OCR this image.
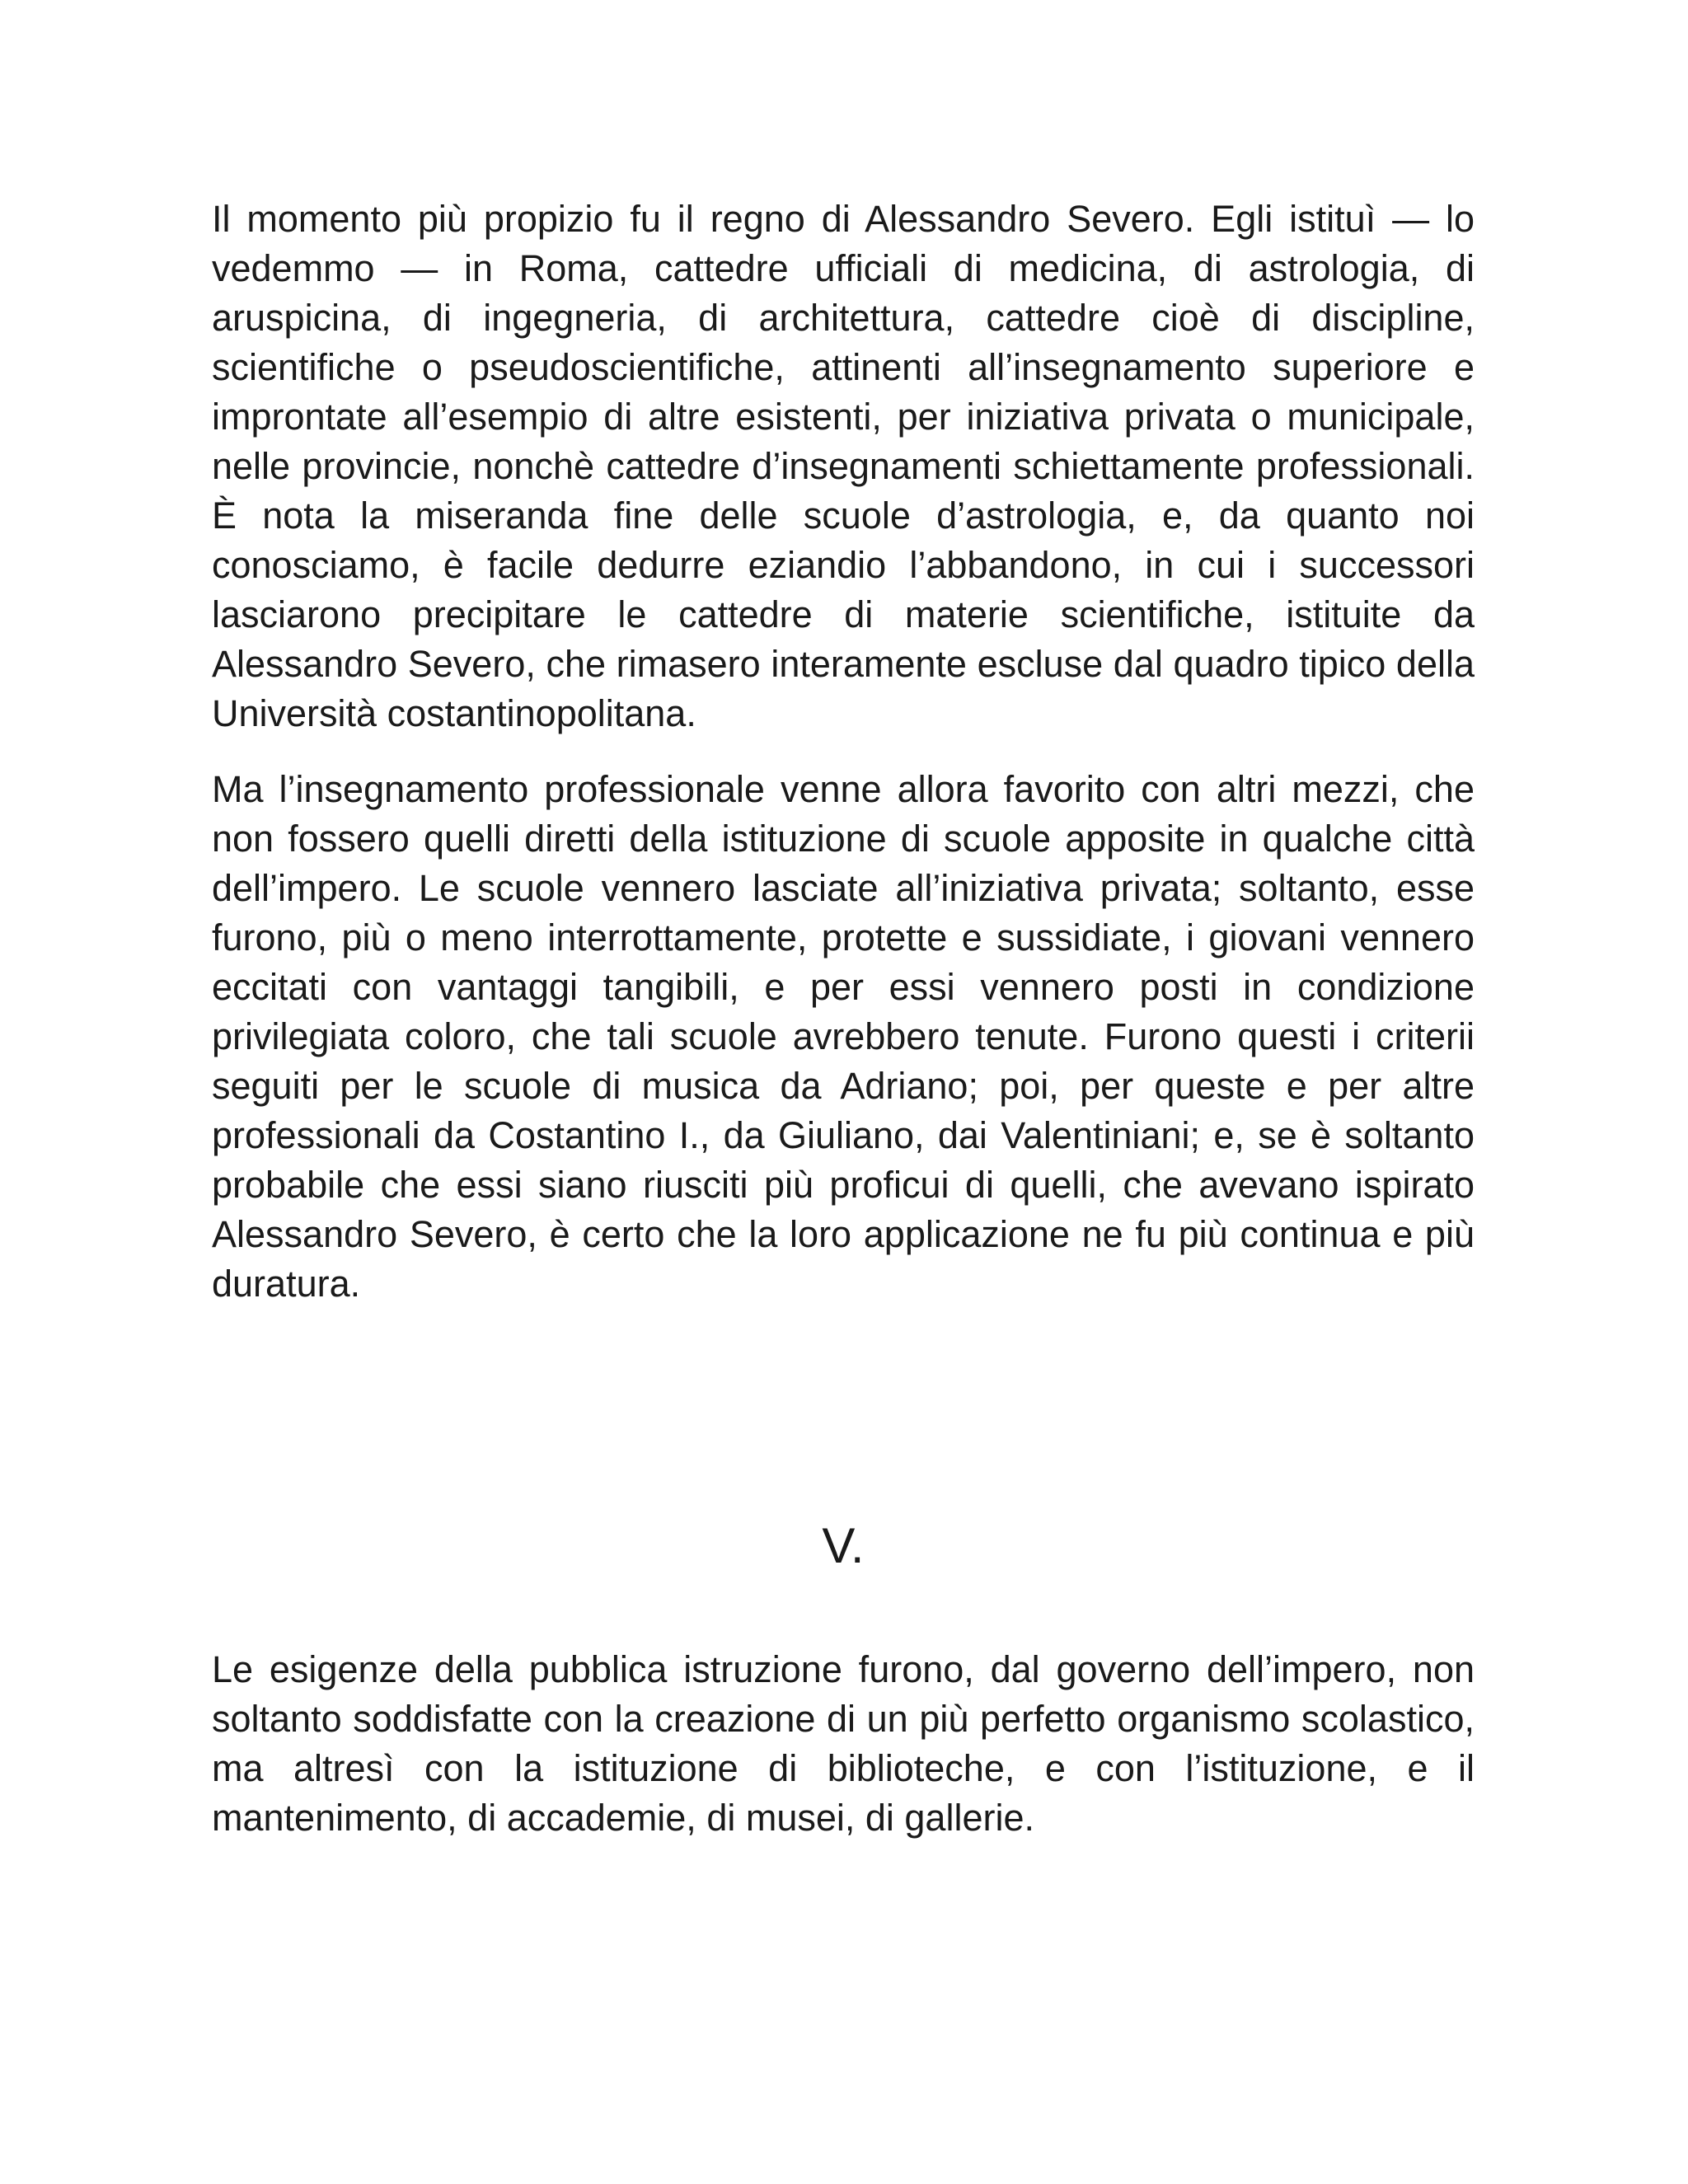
Il momento più propizio fu il regno di Alessandro Severo. Egli istituì — lo vedemmo — in Roma, cattedre ufficiali di medicina, di astrologia, di aruspicina, di ingegneria, di architettura, cattedre cioè di discipline, scientifiche o pseudoscientifiche, attinenti all’insegnamento superiore e improntate all’esempio di altre esistenti, per iniziativa privata o municipale, nelle provincie, nonchè cattedre d’insegnamenti schiettamente professionali. È nota la miseranda fine delle scuole d’astrologia, e, da quanto noi conosciamo, è facile dedurre eziandio l’abbandono, in cui i successori lasciarono precipitare le cattedre di materie scientifiche, istituite da Alessandro Severo, che rimasero interamente escluse dal quadro tipico della Università costantinopolitana.

Ma l’insegnamento professionale venne allora favorito con altri mezzi, che non fossero quelli diretti della istituzione di scuole apposite in qualche città dell’impero. Le scuole vennero lasciate all’iniziativa privata; soltanto, esse furono, più o meno interrottamente, protette e sussidiate, i giovani vennero eccitati con vantaggi tangibili, e per essi vennero posti in condizione privilegiata coloro, che tali scuole avrebbero tenute. Furono questi i criterii seguiti per le scuole di musica da Adriano; poi, per queste e per altre professionali da Costantino I., da Giuliano, dai Valentiniani; e, se è soltanto probabile che essi siano riusciti più proficui di quelli, che avevano ispirato Alessandro Severo, è certo che la loro applicazione ne fu più continua e più duratura.

V.

Le esigenze della pubblica istruzione furono, dal governo dell’impero, non soltanto soddisfatte con la creazione di un più perfetto organismo scolastico, ma altresì con la istituzione di biblioteche, e con l’istituzione, e il mantenimento, di accademie, di musei, di gallerie.
